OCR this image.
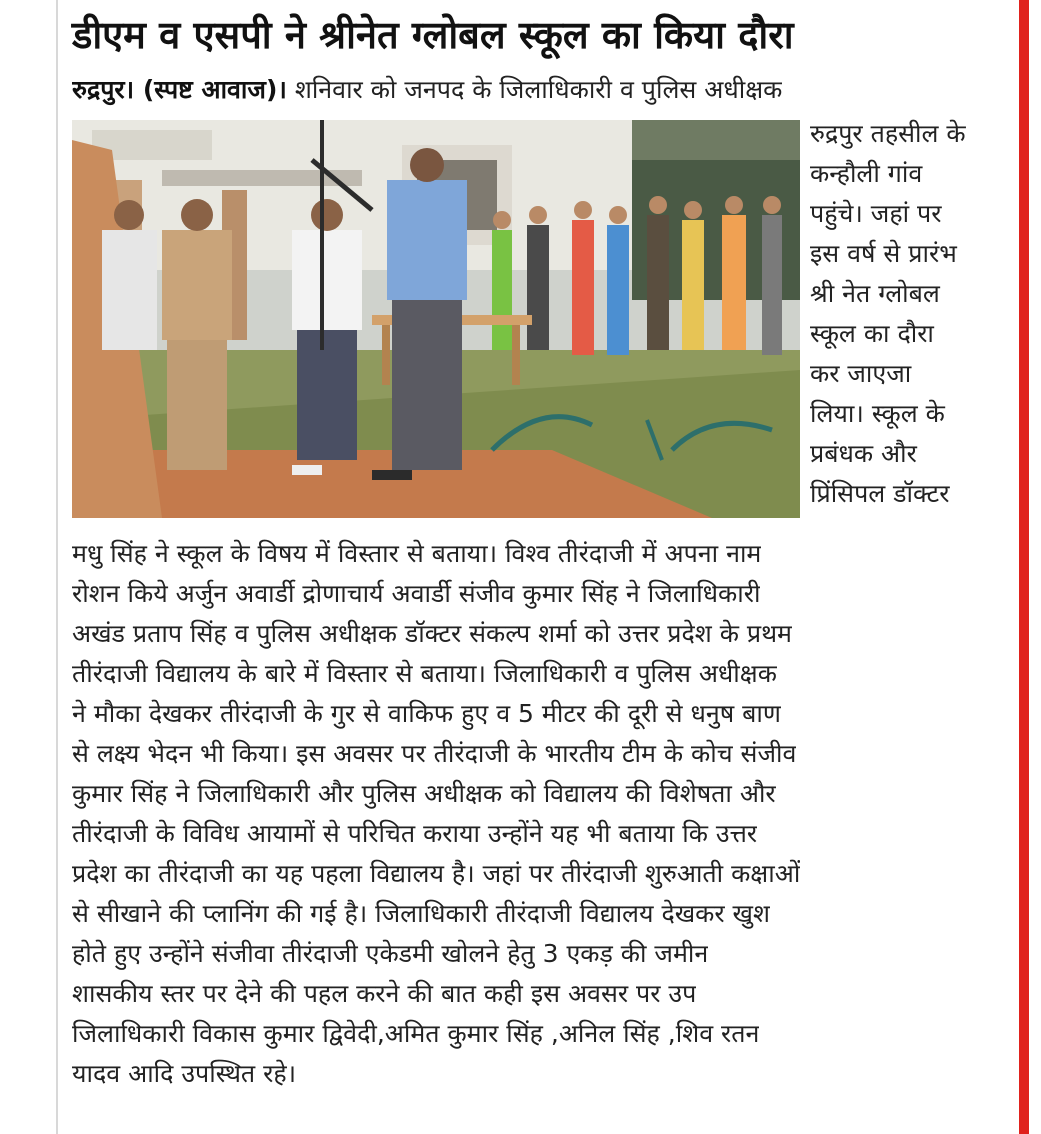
डीएम व एसपी ने श्रीनेत ग्लोबल स्कूल का किया दौरा
रुद्रपुर। (स्पष्ट आवाज)। शनिवार को जनपद के जिलाधिकारी व पुलिस अधीक्षक
रुद्रपुर तहसील के
कन्हौली गांव
पहुंचे। जहां पर
इस वर्ष से प्रारंभ
श्री नेत ग्लोबल
स्कूल का दौरा
कर जाएजा
लिया। स्कूल के
प्रबंधक और
प्रिंसिपल डॉक्टर
मधु सिंह ने स्कूल के विषय में विस्तार से बताया। विश्व तीरंदाजी में अपना नाम
रोशन किये अर्जुन अवार्डी द्रोणाचार्य अवार्डी संजीव कुमार सिंह ने जिलाधिकारी
अखंड प्रताप सिंह व पुलिस अधीक्षक डॉक्टर संकल्प शर्मा को उत्तर प्रदेश के प्रथम
तीरंदाजी विद्यालय के बारे में विस्तार से बताया। जिलाधिकारी व पुलिस अधीक्षक
ने मौका देखकर तीरंदाजी के गुर से वाकिफ हुए व 5 मीटर की दूरी से धनुष बाण
से लक्ष्य भेदन भी किया। इस अवसर पर तीरंदाजी के भारतीय टीम के कोच संजीव
कुमार सिंह ने जिलाधिकारी और पुलिस अधीक्षक को विद्यालय की विशेषता और
तीरंदाजी के विविध आयामों से परिचित कराया उन्होंने यह भी बताया कि उत्तर
प्रदेश का तीरंदाजी का यह पहला विद्यालय है। जहां पर तीरंदाजी शुरुआती कक्षाओं
से सीखाने की प्लानिंग की गई है। जिलाधिकारी तीरंदाजी विद्यालय देखकर खुश
होते हुए उन्होंने संजीवा तीरंदाजी एकेडमी खोलने हेतु 3 एकड़ की जमीन
शासकीय स्तर पर देने की पहल करने की बात कही इस अवसर पर उप
जिलाधिकारी विकास कुमार द्विवेदी,अमित कुमार सिंह ,अनिल सिंह ,शिव रतन
यादव आदि उपस्थित रहे।
